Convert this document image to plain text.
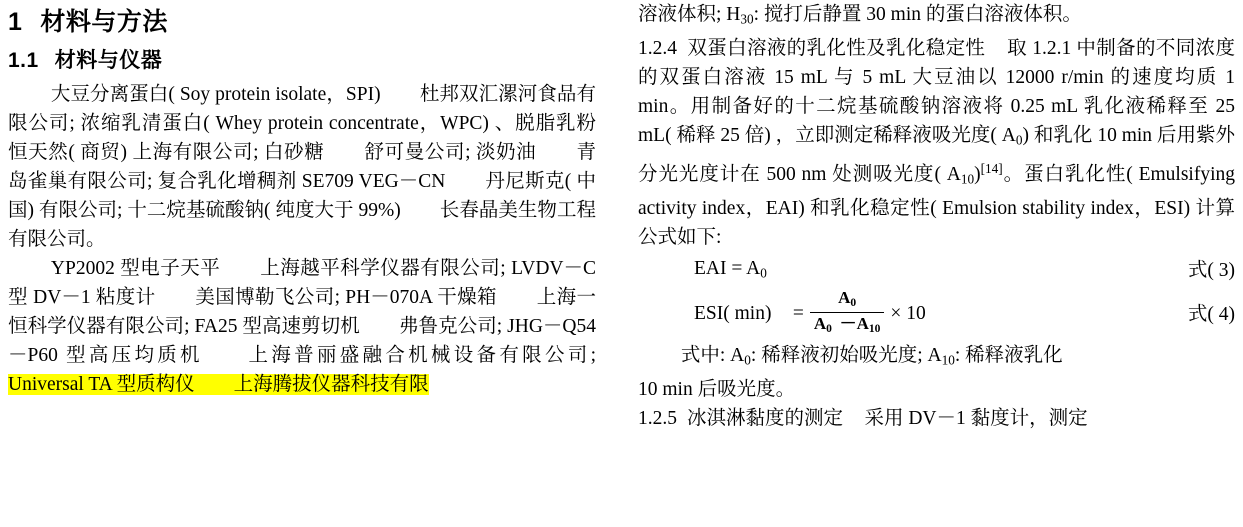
1 材料与方法
1.1 材料与仪器

大豆分离蛋白( Soy protein isolate，SPI)　　杜邦双汇漯河食品有限公司; 浓缩乳清蛋白( Whey protein concentrate，WPC) 、脱脂乳粉　　恒天然( 商贸) 上海有限公司; 白砂糖　　舒可曼公司; 淡奶油　　青岛雀巢有限公司; 复合乳化增稠剂 SE709 VEG－CN　　丹尼斯克( 中国) 有限公司; 十二烷基硫酸钠( 纯度大于 99%)　　长春晶美生物工程有限公司。

YP2002 型电子天平　　上海越平科学仪器有限公司; LVDV－C 型 DV－1 粘度计　　美国博勒飞公司; PH－070A 干燥箱　　上海一恒科学仪器有限公司; FA25 型高速剪切机　　弗鲁克公司; JHG－Q54－P60 型高压均质机　　上海普丽盛融合机械设备有限公司; Universal TA 型质构仪　　上海腾拔仪器科技有限

溶液体积; $H_{30}$: 搅打后静置 30 min 的蛋白溶液体积。

1.2.4 双蛋白溶液的乳化性及乳化稳定性 取 1.2.1 中制备的不同浓度的双蛋白溶液 15 mL 与 5 mL 大豆油以 12000 r/min 的速度均质 1 min。用制备好的十二烷基硫酸钠溶液将 0.25 mL 乳化液稀释至 25 mL( 稀释 25 倍) ，立即测定稀释液吸光度( $A_0$) 和乳化 10 min 后用紫外分光光度计在 500 nm 处测吸光度( $A_{10})[14]$。蛋白乳化性( Emulsifying activity index，EAI) 和乳化稳定性( Emulsion stability index，ESI) 计算公式如下:

EAI = $A_0$	式( 3)
ESI( $\min) = \frac{A_0}{A_0 -A_{10}} \times 10$	式( 4)

式中: $A_0$: 稀释液初始吸光度; $A_{10}$: 稀释液乳化

10 min 后吸光度。

1.2.5 冰淇淋黏度的测定 采用 DV－1 黏度计，测定
